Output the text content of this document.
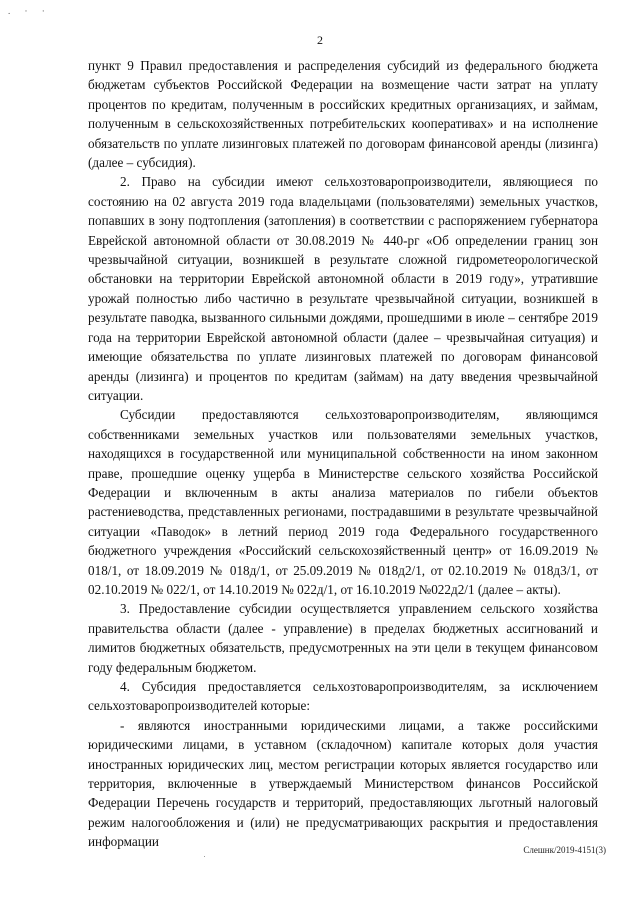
. · ·
2

пункт 9 Правил предоставления и распределения субсидий из федерального бюджета бюджетам субъектов Российской Федерации на возмещение части затрат на уплату процентов по кредитам, полученным в российских кредитных организациях, и займам, полученным в сельскохозяйственных потребительских кооперативах» и на исполнение обязательств по уплате лизинговых платежей по договорам финансовой аренды (лизинга) (далее – субсидия).

2. Право на субсидии имеют сельхозтоваропроизводители, являющиеся по состоянию на 02 августа 2019 года владельцами (пользователями) земельных участков, попавших в зону подтопления (затопления) в соответствии с распоряжением губернатора Еврейской автономной области от 30.08.2019 № 440-рг «Об определении границ зон чрезвычайной ситуации, возникшей в результате сложной гидрометеорологической обстановки на территории Еврейской автономной области в 2019 году», утратившие урожай полностью либо частично в результате чрезвычайной ситуации, возникшей в результате паводка, вызванного сильными дождями, прошедшими в июле – сентябре 2019 года на территории Еврейской автономной области (далее – чрезвычайная ситуация) и имеющие обязательства по уплате лизинговых платежей по договорам финансовой аренды (лизинга) и процентов по кредитам (займам) на дату введения чрезвычайной ситуации.

Субсидии предоставляются сельхозтоваропроизводителям, являющимся собственниками земельных участков или пользователями земельных участков, находящихся в государственной или муниципальной собственности на ином законном праве, прошедшие оценку ущерба в Министерстве сельского хозяйства Российской Федерации и включенным в акты анализа материалов по гибели объектов растениеводства, представленных регионами, пострадавшими в результате чрезвычайной ситуации «Паводок» в летний период 2019 года Федерального государственного бюджетного учреждения «Российский сельскохозяйственный центр» от 16.09.2019 № 018/1, от 18.09.2019 № 018д/1, от 25.09.2019 № 018д2/1, от 02.10.2019 № 018д3/1, от 02.10.2019 № 022/1, от 14.10.2019 № 022д/1, от 16.10.2019 №022д2/1 (далее – акты).

3. Предоставление субсидии осуществляется управлением сельского хозяйства правительства области (далее - управление) в пределах бюджетных ассигнований и лимитов бюджетных обязательств, предусмотренных на эти цели в текущем финансовом году федеральным бюджетом.

4. Субсидия предоставляется сельхозтоваропроизводителям, за исключением сельхозтоваропроизводителей которые:

- являются иностранными юридическими лицами, а также российскими юридическими лицами, в уставном (складочном) капитале которых доля участия иностранных юридических лиц, местом регистрации которых является государство или территория, включенные в утверждаемый Министерством финансов Российской Федерации Перечень государств и территорий, предоставляющих льготный налоговый режим налогообложения и (или) не предусматривающих раскрытия и предоставления информации

Слешнк/2019-4151(3)
